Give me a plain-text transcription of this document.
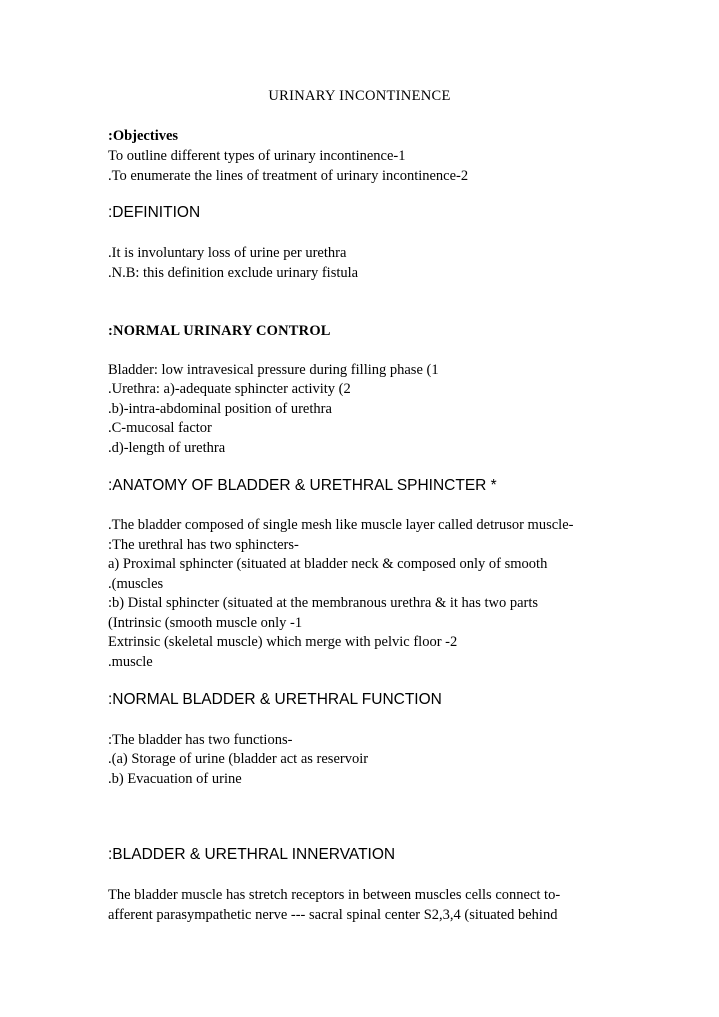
URINARY INCONTINENCE
:Objectives
To outline different types of urinary incontinence-1
.To enumerate the lines of treatment of urinary incontinence-2
:DEFINITION
.It is involuntary loss of urine per urethra
.N.B: this definition exclude urinary fistula
:NORMAL URINARY CONTROL
Bladder: low intravesical pressure during filling phase (1
.Urethra: a)-adequate sphincter activity (2
.b)-intra-abdominal position of urethra
.C-mucosal factor
.d)-length of urethra
:ANATOMY OF BLADDER & URETHRAL SPHINCTER *
.The bladder composed of single mesh like muscle layer called detrusor muscle-
:The urethral has two sphincters-
a) Proximal sphincter (situated at bladder neck & composed only of smooth
.(muscles
:b) Distal sphincter (situated at the membranous urethra & it has two parts
(Intrinsic (smooth muscle only -1
Extrinsic (skeletal muscle) which merge with pelvic floor -2
.muscle
:NORMAL BLADDER & URETHRAL FUNCTION
:The bladder has two functions-
.(a) Storage of urine (bladder act as reservoir
.b) Evacuation of urine
:BLADDER & URETHRAL INNERVATION
The bladder muscle has stretch receptors in between muscles cells connect to-
afferent parasympathetic nerve --- sacral spinal center S2,3,4 (situated behind
